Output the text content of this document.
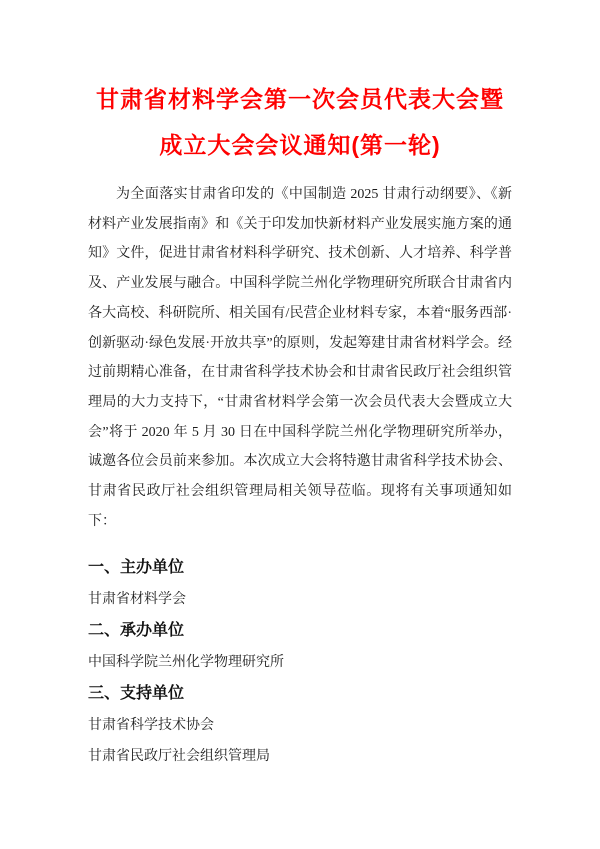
甘肃省材料学会第一次会员代表大会暨
成立大会会议通知(第一轮)

为全面落实甘肃省印发的《中国制造 2025 甘肃行动纲要》、《新材料产业发展指南》和《关于印发加快新材料产业发展实施方案的通知》文件，促进甘肃省材料科学研究、技术创新、人才培养、科学普及、产业发展与融合。中国科学院兰州化学物理研究所联合甘肃省内各大高校、科研院所、相关国有/民营企业材料专家，本着“服务西部·创新驱动·绿色发展·开放共享”的原则，发起筹建甘肃省材料学会。经过前期精心准备，在甘肃省科学技术协会和甘肃省民政厅社会组织管理局的大力支持下，“甘肃省材料学会第一次会员代表大会暨成立大会”将于 2020 年 5 月 30 日在中国科学院兰州化学物理研究所举办，诚邀各位会员前来参加。本次成立大会将特邀甘肃省科学技术协会、甘肃省民政厅社会组织管理局相关领导莅临。现将有关事项通知如下：

一、主办单位

甘肃省材料学会

二、承办单位

中国科学院兰州化学物理研究所

三、支持单位

甘肃省科学技术协会

甘肃省民政厅社会组织管理局
